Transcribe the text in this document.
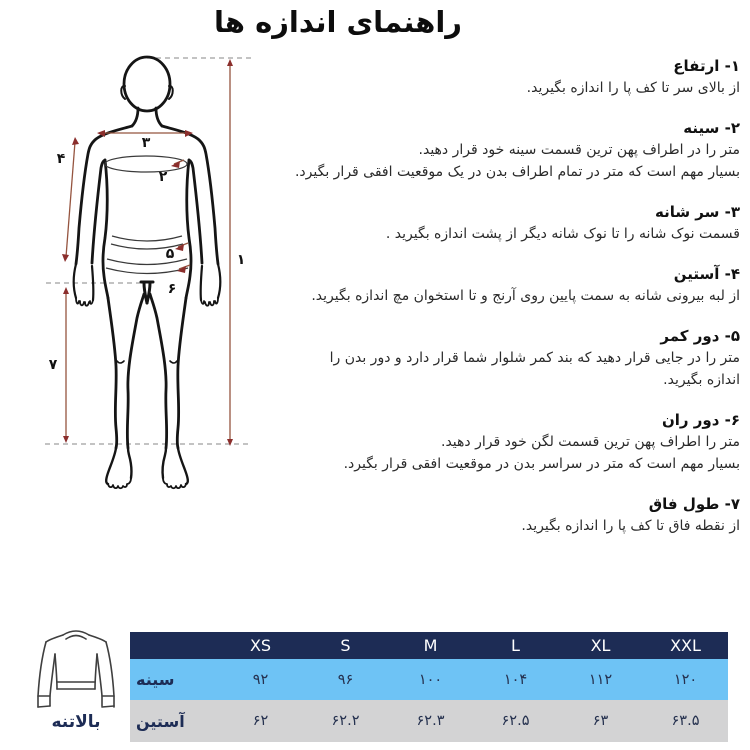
راهنمای اندازه ها
۱
۲
۳
۴
۵
۶
۷
۱- ارتفاع
از بالای سر تا کف پا را اندازه بگیرید.
۲- سینه
متر را در اطراف پهن ترین قسمت سینه خود قرار دهید.
بسیار مهم است که متر در تمام اطراف بدن در یک موقعیت افقی قرار بگیرد.
۳- سر شانه
قسمت نوک شانه را تا نوک شانه دیگر از پشت اندازه بگیرید .
۴- آستین
از لبه بیرونی شانه به سمت پایین روی آرنج و تا استخوان مچ اندازه بگیرید.
۵- دور کمر
متر را در جایی قرار دهید که بند کمر شلوار شما قرار دارد و دور بدن را
اندازه بگیرید.
۶- دور ران
متر را اطراف پهن ترین قسمت لگن خود قرار دهید.
بسیار مهم است که متر در سراسر بدن در موقعیت افقی قرار بگیرد.
۷- طول فاق
از نقطه فاق تا کف پا را اندازه بگیرید.
بالاتنه
XS	S	M	L	XL	XXL
سینه	۹۲	۹۶	۱۰۰	۱۰۴	۱۱۲	۱۲۰
آستین	۶۲	۶۲.۲	۶۲.۳	۶۲.۵	۶۳	۶۳.۵
